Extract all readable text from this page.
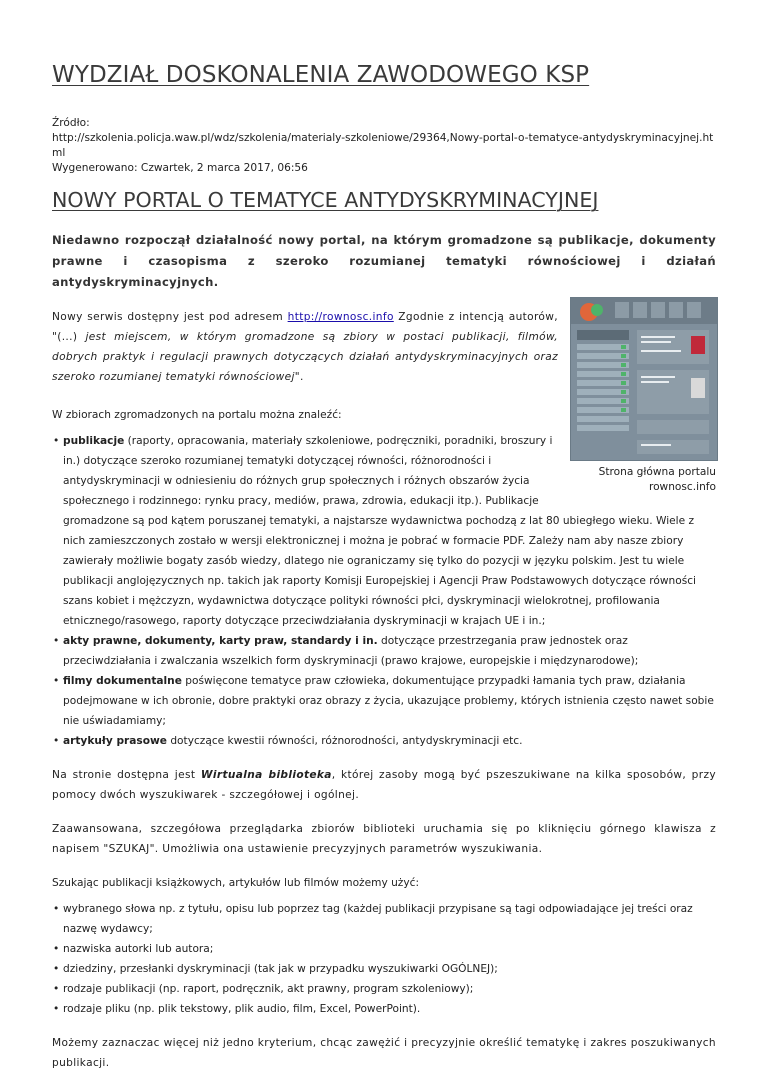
WYDZIAŁ DOSKONALENIA ZAWODOWEGO KSP
Źródło:
http://szkolenia.policja.waw.pl/wdz/szkolenia/materialy-szkoleniowe/29364,Nowy-portal-o-tematyce-antydyskryminacyjnej.html
Wygenerowano: Czwartek, 2 marca 2017, 06:56
NOWY PORTAL O TEMATYCE ANTYDYSKRYMINACYJNEJ
Niedawno rozpoczął działalność nowy portal, na którym gromadzone są publikacje, dokumenty prawne i czasopisma z szeroko rozumianej tematyki równościowej i działań antydyskryminacyjnych.
Strona główna portalu rownosc.info
Nowy serwis dostępny jest pod adresem http://rownosc.info Zgodnie z intencją autorów, "(...) jest miejscem, w którym gromadzone są zbiory w postaci publikacji, filmów, dobrych praktyk i regulacji prawnych dotyczących działań antydyskryminacyjnych oraz szeroko rozumianej tematyki równościowej".
W zbiorach zgromadzonych na portalu można znaleźć:
• publikacje (raporty, opracowania, materiały szkoleniowe, podręczniki, poradniki, broszury i in.) dotyczące szeroko rozumianej tematyki dotyczącej równości, różnorodności i antydyskryminacji w odniesieniu do różnych grup społecznych i różnych obszarów życia społecznego i rodzinnego: rynku pracy, mediów, prawa, zdrowia, edukacji itp.). Publikacje gromadzone są pod kątem poruszanej tematyki, a najstarsze wydawnictwa pochodzą z lat 80 ubiegłego wieku. Wiele z nich zamieszczonych zostało w wersji elektronicznej i można je pobrać w formacie PDF. Zależy nam aby nasze zbiory zawierały możliwie bogaty zasób wiedzy, dlatego nie ograniczamy się tylko do pozycji w języku polskim. Jest tu wiele publikacji anglojęzycznych np. takich jak raporty Komisji Europejskiej i Agencji Praw Podstawowych dotyczące równości szans kobiet i mężczyzn, wydawnictwa dotyczące polityki równości płci, dyskryminacji wielokrotnej, profilowania etnicznego/rasowego, raporty dotyczące przeciwdziałania dyskryminacji w krajach UE i in.;
• akty prawne, dokumenty, karty praw, standardy i in. dotyczące przestrzegania praw jednostek oraz przeciwdziałania i zwalczania wszelkich form dyskryminacji (prawo krajowe, europejskie i międzynarodowe);
• filmy dokumentalne poświęcone tematyce praw człowieka, dokumentujące przypadki łamania tych praw, działania podejmowane w ich obronie, dobre praktyki oraz obrazy z życia, ukazujące problemy, których istnienia często nawet sobie nie uświadamiamy;
• artykuły prasowe dotyczące kwestii równości, różnorodności, antydyskryminacji etc.
Na stronie dostępna jest Wirtualna biblioteka, której zasoby mogą być pszeszukiwane na kilka sposobów, przy pomocy dwóch wyszukiwarek - szczegółowej i ogólnej.
Zaawansowana, szczegółowa przeglądarka zbiorów biblioteki uruchamia się po kliknięciu górnego klawisza z napisem "SZUKAJ". Umożliwia ona ustawienie precyzyjnych parametrów wyszukiwania.
Szukając publikacji książkowych, artykułów lub filmów możemy użyć:
• wybranego słowa np. z tytułu, opisu lub poprzez tag (każdej publikacji przypisane są tagi odpowiadające jej treści oraz nazwę wydawcy;
• nazwiska autorki lub autora;
• dziedziny, przesłanki dyskryminacji (tak jak w przypadku wyszukiwarki OGÓLNEJ);
• rodzaje publikacji (np. raport, podręcznik, akt prawny, program szkoleniowy);
• rodzaje pliku (np. plik tekstowy, plik audio, film, Excel, PowerPoint).
Możemy zaznaczac więcej niż jedno kryterium, chcąc zawężić i precyzyjnie określić tematykę i zakres poszukiwanych publikacji.
